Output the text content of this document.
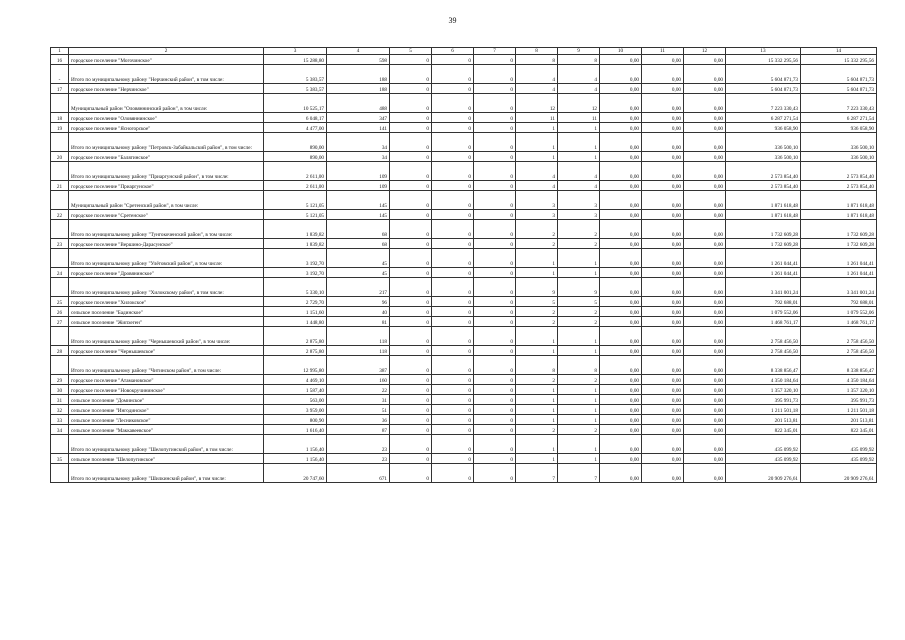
39
1	2	3	4	5	6	7	8	9	10	11	12	13	14
16	городское поселение "Могочинское"	15 288,80	598	0	0	0	8	8	0,00	0,00	0,00	15 332 295,56	15 332 295,56
-	Итого по муниципальному району "Нерчинский район", в том числе:	5 383,57	188	0	0	0	4	4	0,00	0,00	0,00	5 604 871,73	5 604 871,73
17	городское поселение "Нерчинское"	5 383,57	188	0	0	0	4	4	0,00	0,00	0,00	5 604 871,73	5 604 871,73
	Муниципальный район "Оловяннинский район", в том числе:	10 525,17	488	0	0	0	12	12	0,00	0,00	0,00	7 223 330,43	7 223 330,43
18	городское поселение "Оловяннинское"	6 048,17	347	0	0	0	11	11	0,00	0,00	0,00	6 287 271,54	6 287 271,54
19	городское поселение "Ясногорское"	4 477,00	141	0	0	0	1	1	0,00	0,00	0,00	936 058,90	936 058,90
	Итого по муниципальному району "Петровск-Забайкальский район", в том числе:	890,00	34	0	0	0	1	1	0,00	0,00	0,00	336 500,10	336 500,10
20	городское поселение "Балягинское"	890,00	34	0	0	0	1	1	0,00	0,00	0,00	336 500,10	336 500,10
	Итого по муниципальному району "Приаргунский район", в том числе:	2 611,00	109	0	0	0	4	4	0,00	0,00	0,00	2 573 854,40	2 573 854,40
21	городское поселение "Приаргунское"	2 611,00	109	0	0	0	4	4	0,00	0,00	0,00	2 573 854,40	2 573 854,40
	Муниципальный район "Сретенский район", в том числе:	5 121,05	145	0	0	0	3	3	0,00	0,00	0,00	1 871 618,48	1 871 618,48
22	городское поселение "Сретенское"	5 121,05	145	0	0	0	3	3	0,00	0,00	0,00	1 871 618,48	1 871 618,48
	Итого по муниципальному району "Тунгокоченский район", в том числе:	1 839,82	68	0	0	0	2	2	0,00	0,00	0,00	1 732 609,28	1 732 609,28
23	городское поселение "Вершино-Дарасунское"	1 839,82	68	0	0	0	2	2	0,00	0,00	0,00	1 732 609,28	1 732 609,28
	Итого по муниципальному району "Улётовский район", в том числе:	3 192,70	45	0	0	0	1	1	0,00	0,00	0,00	1 261 044,41	1 261 044,41
24	городское поселение "Дровянинское"	3 192,70	45	0	0	0	1	1	0,00	0,00	0,00	1 261 044,41	1 261 044,41
	Итого по муниципальному району "Хилокскому район", в том числе:	5 330,10	217	0	0	0	9	9	0,00	0,00	0,00	3 341 001,24	3 341 001,24
25	городское поселение "Хилокское"	2 729,70	96	0	0	0	5	5	0,00	0,00	0,00	792 688,01	792 688,01
26	сельское поселение "Бадинское"	1 151,60	40	0	0	0	2	2	0,00	0,00	0,00	1 079 552,06	1 079 552,06
27	сельское поселение "Жипхеген"	1 448,80	81	0	0	0	2	2	0,00	0,00	0,00	1 468 761,17	1 468 761,17
	Итого по муниципальному району "Чернышевский район", в том числе:	2 875,80	118	0	0	0	1	1	0,00	0,00	0,00	2 758 456,50	2 758 456,50
28	городское поселение "Чернышевское"	2 875,80	118	0	0	0	1	1	0,00	0,00	0,00	2 758 456,50	2 758 456,50
	Итого по муниципальному району "Читинском район", в том числе:	12 995,80	387	0	0	0	8	8	0,00	0,00	0,00	8 338 856,47	8 338 856,47
29	городское поселение "Атамановское"	4 469,10	160	0	0	0	2	2	0,00	0,00	0,00	4 350 184,64	4 350 184,64
30	городское поселение "Новокручининское"	1 587,40	22	0	0	0	1	1	0,00	0,00	0,00	1 357 320,10	1 357 320,10
31	сельское поселение "Доминское"	563,00	31	0	0	0	1	1	0,00	0,00	0,00	395 991,73	395 991,73
32	сельское поселение "Ингодинское"	3 959,00	51	0	0	0	1	1	0,00	0,00	0,00	1 211 501,18	1 211 501,18
33	сельское поселение "Лесниковское"	800,90	36	0	0	0	1	1	0,00	0,00	0,00	201 513,81	201 513,81
34	сельское поселение "Маккавеевское"	1 616,40	87	0	0	0	2	2	0,00	0,00	0,00	822 345,01	822 345,01
	Итого по муниципальному району "Шелопугинский район", в том числе:	1 156,40	23	0	0	0	1	1	0,00	0,00	0,00	435 099,92	435 099,92
35	сельское поселение "Шелопугинское"	1 156,40	23	0	0	0	1	1	0,00	0,00	0,00	435 099,92	435 099,92
	Итого по муниципальному району "Шилкинский район", в том числе:	20 747,60	671	0	0	0	7	7	0,00	0,00	0,00	20 909 276,61	20 909 276,61
